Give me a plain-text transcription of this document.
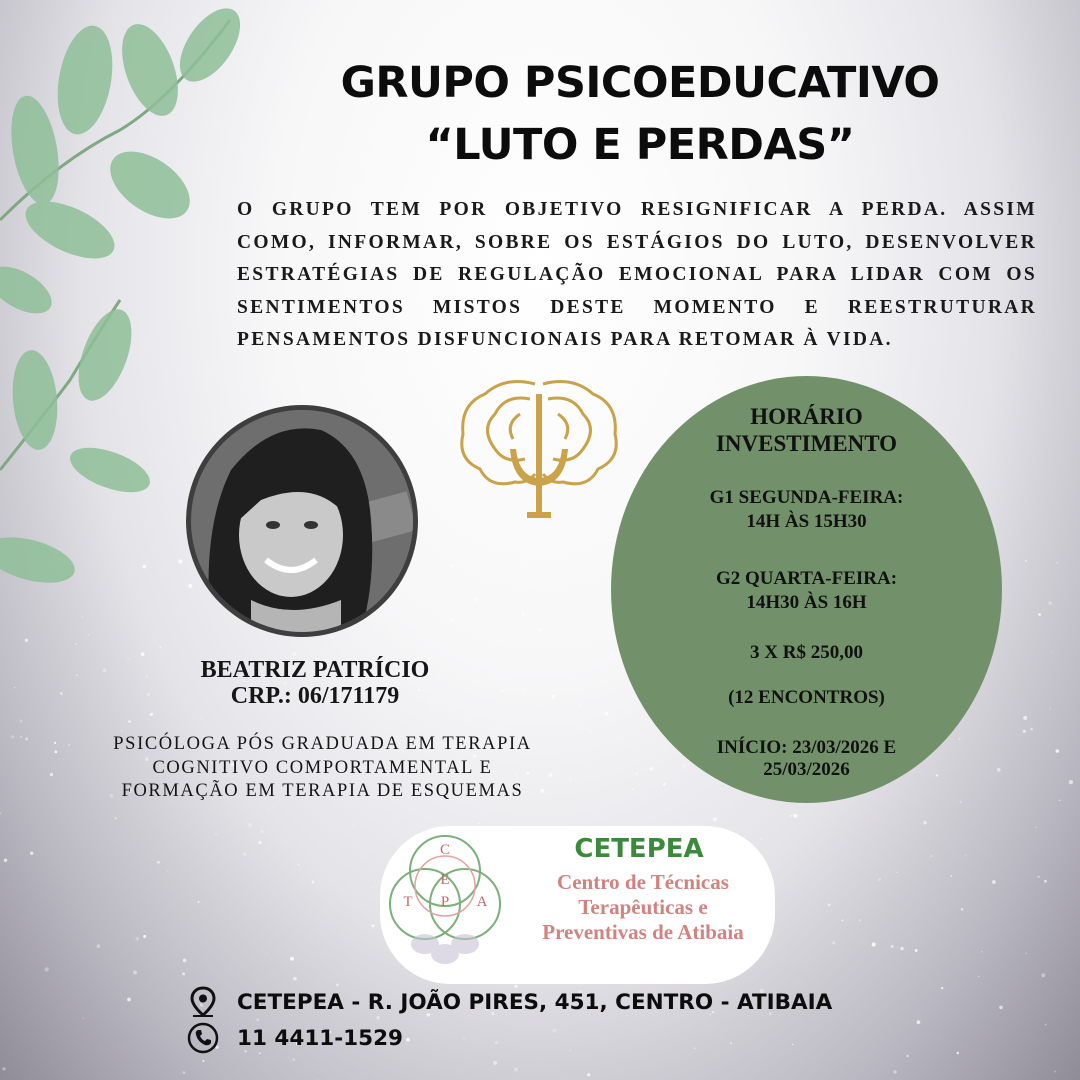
GRUPO PSICOEDUCATIVO
“LUTO E PERDAS”
O GRUPO TEM POR OBJETIVO RESIGNIFICAR A PERDA. ASSIM COMO, INFORMAR, SOBRE OS ESTÁGIOS DO LUTO, DESENVOLVER ESTRATÉGIAS DE REGULAÇÃO EMOCIONAL PARA LIDAR COM OS SENTIMENTOS MISTOS DESTE MOMENTO E REESTRUTURAR PENSAMENTOS DISFUNCIONAIS PARA RETOMAR À VIDA.
HORÁRIO
INVESTIMENTO
G1 SEGUNDA-FEIRA:
14H ÀS 15H30
G2 QUARTA-FEIRA:
14H30 ÀS 16H
3 X R$ 250,00
(12 ENCONTROS)
INÍCIO: 23/03/2026 E
25/03/2026
BEATRIZ PATRÍCIO
CRP.: 06/171179
PSICÓLOGA PÓS GRADUADA EM TERAPIA
COGNITIVO COMPORTAMENTAL E
FORMAÇÃO EM TERAPIA DE ESQUEMAS
C
E
T P A
CETEPEA
Centro de Técnicas
Terapêuticas e
Preventivas de Atibaia
CETEPEA - R. JOÃO PIRES, 451, CENTRO - ATIBAIA
11 4411-1529
